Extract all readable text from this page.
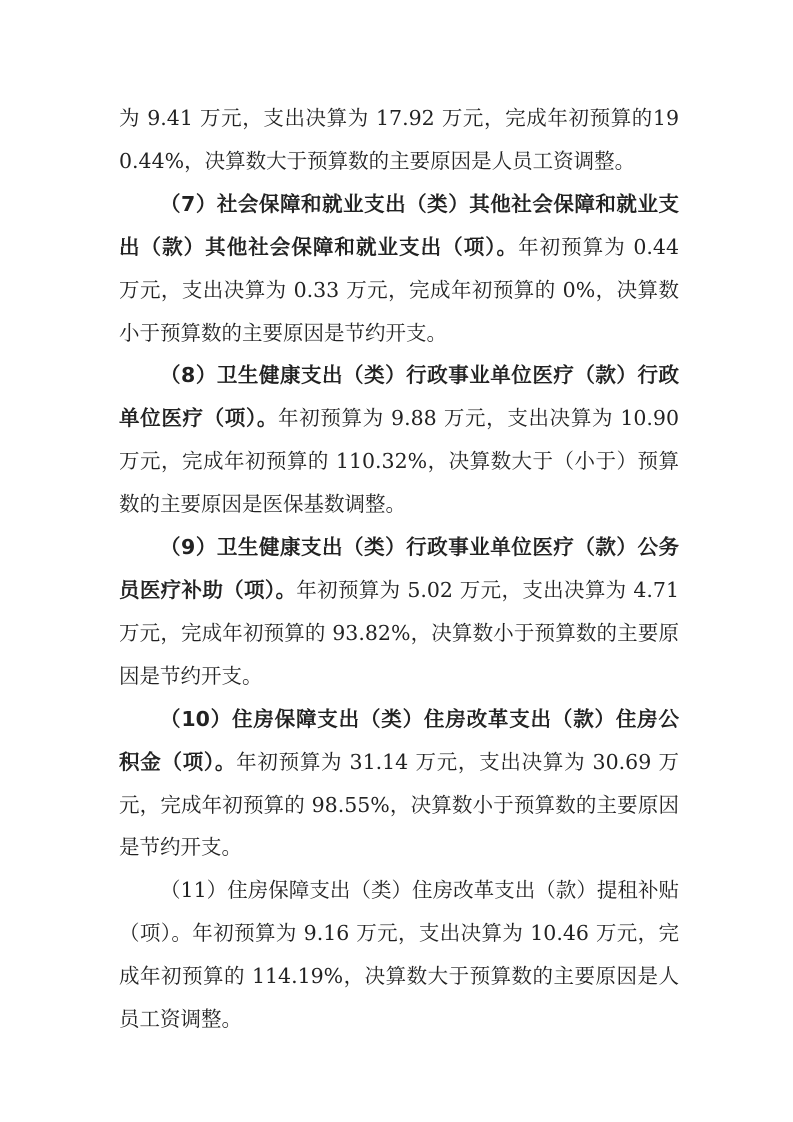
为 9.41 万元，支出决算为 17.92 万元，完成年初预算的190.44%，决算数大于预算数的主要原因是人员工资调整。

（7）社会保障和就业支出（类）其他社会保障和就业支出（款）其他社会保障和就业支出（项）。年初预算为 0.44 万元，支出决算为 0.33 万元，完成年初预算的 0%，决算数小于预算数的主要原因是节约开支。

（8）卫生健康支出（类）行政事业单位医疗（款）行政单位医疗（项）。年初预算为 9.88 万元，支出决算为 10.90 万元，完成年初预算的 110.32%，决算数大于（小于）预算数的主要原因是医保基数调整。

（9）卫生健康支出（类）行政事业单位医疗（款）公务员医疗补助（项）。年初预算为 5.02 万元，支出决算为 4.71 万元，完成年初预算的 93.82%，决算数小于预算数的主要原因是节约开支。

（10）住房保障支出（类）住房改革支出（款）住房公积金（项）。年初预算为 31.14 万元，支出决算为 30.69 万元，完成年初预算的 98.55%，决算数小于预算数的主要原因是节约开支。

（11）住房保障支出（类）住房改革支出（款）提租补贴（项）。年初预算为 9.16 万元，支出决算为 10.46 万元，完成年初预算的 114.19%，决算数大于预算数的主要原因是人员工资调整。
